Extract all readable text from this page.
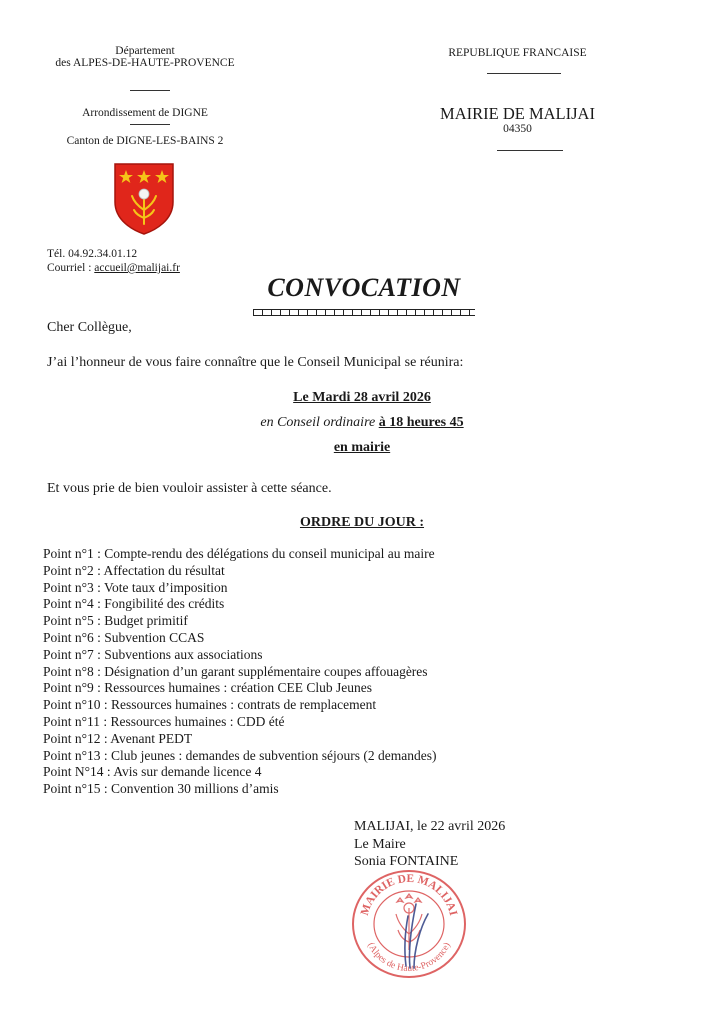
Département
des ALPES-DE-HAUTE-PROVENCE
Arrondissement de DIGNE
Canton de DIGNE-LES-BAINS 2
Tél. 04.92.34.01.12
Courriel : accueil@malijai.fr
REPUBLIQUE FRANCAISE
MAIRIE DE MALIJAI
04350
CONVOCATION
Cher Collègue,
J’ai l’honneur de vous faire connaître que le Conseil Municipal se réunira:
Le Mardi 28 avril 2026
en Conseil ordinaire à 18 heures 45
en mairie
Et vous prie de bien vouloir assister à cette séance.
ORDRE DU JOUR :
Point n°1 : Compte-rendu des délégations du conseil municipal au maire
Point n°2 : Affectation du résultat
Point n°3 : Vote taux d’imposition
Point n°4 : Fongibilité des crédits
Point n°5 : Budget primitif
Point n°6 : Subvention CCAS
Point n°7 : Subventions aux associations
Point n°8 : Désignation d’un garant supplémentaire coupes affouagères
Point n°9 : Ressources humaines : création CEE Club Jeunes
Point n°10 : Ressources humaines : contrats de remplacement
Point n°11 : Ressources humaines : CDD été
Point n°12 : Avenant PEDT
Point n°13 : Club jeunes : demandes de subvention séjours (2 demandes)
Point N°14 : Avis sur demande licence 4
Point n°15 : Convention 30 millions d’amis
MALIJAI, le 22 avril 2026
Le Maire
Sonia FONTAINE
MAIRIE DE MALIJAI
(Alpes de Haute-Provence)
